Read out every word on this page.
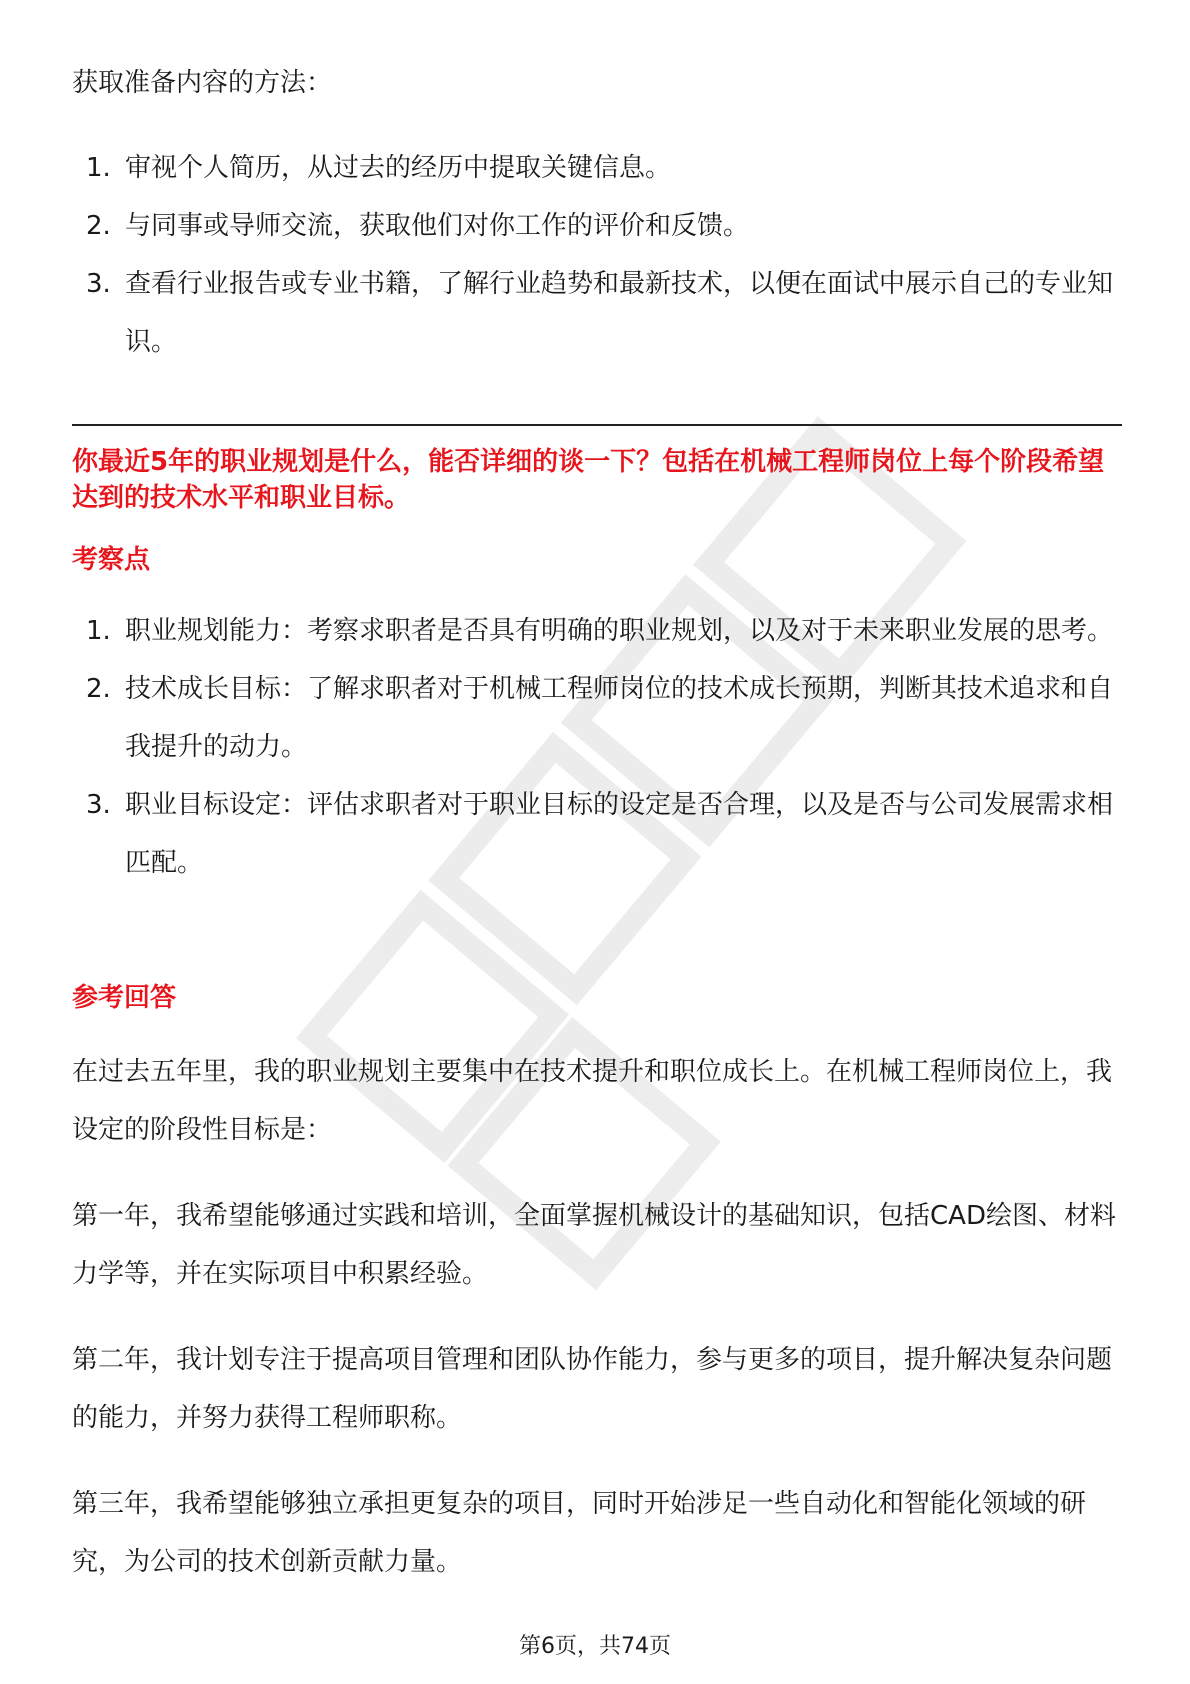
获取准备内容的方法：

1. 审视个人简历，从过去的经历中提取关键信息。
2. 与同事或导师交流，获取他们对你工作的评价和反馈。
3. 查看行业报告或专业书籍，了解行业趋势和最新技术，以便在面试中展示自己的专业知识。
你最近5年的职业规划是什么，能否详细的谈一下？包括在机械工程师岗位上每个阶段希望达到的技术水平和职业目标。
考察点
1. 职业规划能力：考察求职者是否具有明确的职业规划，以及对于未来职业发展的思考。
2. 技术成长目标：了解求职者对于机械工程师岗位的技术成长预期，判断其技术追求和自我提升的动力。
3. 职业目标设定：评估求职者对于职业目标的设定是否合理，以及是否与公司发展需求相匹配。
参考回答

在过去五年里，我的职业规划主要集中在技术提升和职位成长上。在机械工程师岗位上，我设定的阶段性目标是：

第一年，我希望能够通过实践和培训，全面掌握机械设计的基础知识，包括CAD绘图、材料力学等，并在实际项目中积累经验。

第二年，我计划专注于提高项目管理和团队协作能力，参与更多的项目，提升解决复杂问题的能力，并努力获得工程师职称。

第三年，我希望能够独立承担更复杂的项目，同时开始涉足一些自动化和智能化领域的研究，为公司的技术创新贡献力量。

第6页，共74页
